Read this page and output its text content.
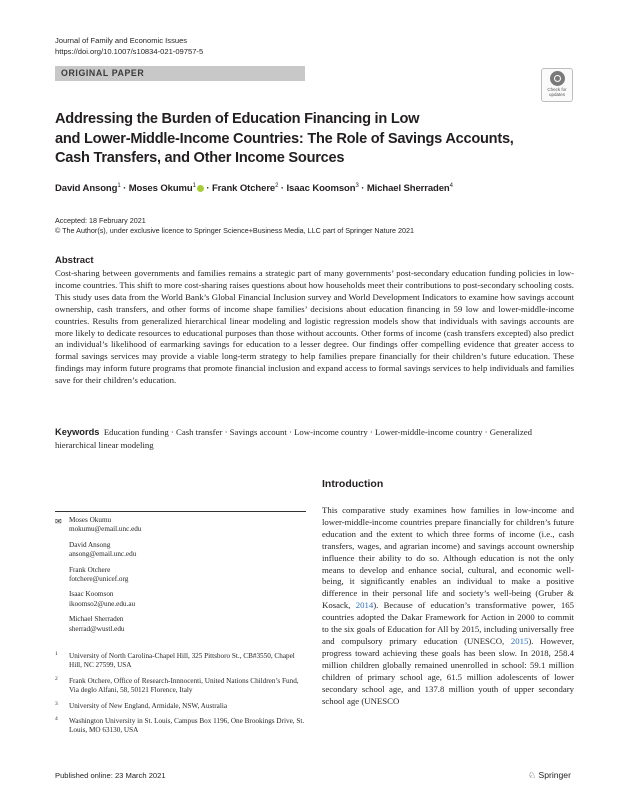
Journal of Family and Economic Issues
https://doi.org/10.1007/s10834-021-09757-5
ORIGINAL PAPER
Check for
updates
Addressing the Burden of Education Financing in Low
and Lower-Middle-Income Countries: The Role of Savings Accounts,
Cash Transfers, and Other Income Sources
David Ansong$^1$ · Moses Okumu$^1$ · Frank Otchere$^2$ · Isaac Koomson$^3$ · Michael Sherraden$^4$
Accepted: 18 February 2021
© The Author(s), under exclusive licence to Springer Science+Business Media, LLC part of Springer Nature 2021
Abstract
Cost-sharing between governments and families remains a strategic part of many governments’ post-secondary education funding policies in low-income countries. This shift to more cost-sharing raises questions about how households meet their contributions to post-secondary schooling costs. This study uses data from the World Bank’s Global Financial Inclusion survey and World Development Indicators to examine how savings account ownership, cash transfers, and other forms of income shape families’ decisions about education financing in 59 low and lower-middle-income countries. Results from generalized hierarchical linear modeling and logistic regression models show that individuals with savings accounts are more likely to dedicate resources to educational purposes than those without accounts. Other forms of income (cash transfers excepted) also predict an individual’s likelihood of earmarking savings for education to a lesser degree. Our findings offer compelling evidence that greater access to formal savings services may provide a viable long-term strategy to help families prepare financially for their children’s future education. These findings may inform future programs that promote financial inclusion and expand access to formal savings services to help individuals and families save for their children’s education.
Keywords Education funding · Cash transfer · Savings account · Low-income country · Lower-middle-income country · Generalized hierarchical linear modeling
Introduction
This comparative study examines how families in low-income and lower-middle-income countries prepare financially for children’s future education and the extent to which three forms of income (i.e., cash transfers, wages, and agrarian income) and savings account ownership influence their ability to do so. Although education is not the only means to develop and enhance social, cultural, and economic well-being, it significantly enables an individual to make a positive difference in their personal life and society’s well-being (Gruber & Kosack, 2014). Because of education’s transformative power, 165 countries adopted the Dakar Framework for Action in 2000 to commit to the six goals of Education for All by 2015, including universally free and compulsory primary education (UNESCO, 2015). However, progress toward achieving these goals has been slow. In 2018, 258.4 million children globally remained unenrolled in school: 59.1 million children of primary school age, 61.5 million adolescents of lower secondary school age, and 137.8 million youth of upper secondary school age (UNESCO
✉ Moses Okumu
mokumu@email.unc.edu
David Ansong
ansong@email.unc.edu
Frank Otchere
fotchere@unicef.org
Isaac Koomson
ikoomso2@une.edu.au
Michael Sherraden
sherrad@wustl.edu
1 University of North Carolina-Chapel Hill, 325 Pittsboro St., CB#3550, Chapel Hill, NC 27599, USA
2 Frank Otchere, Office of Research-Innnocenti, United Nations Children’s Fund, Via deglo Alfani, 58, 50121 Florence, Italy
3 University of New England, Armidale, NSW, Australia
4 Washington University in St. Louis, Campus Box 1196, One Brookings Drive, St. Louis, MO 63130, USA
Published online: 23 March 2021	♘ Springer
